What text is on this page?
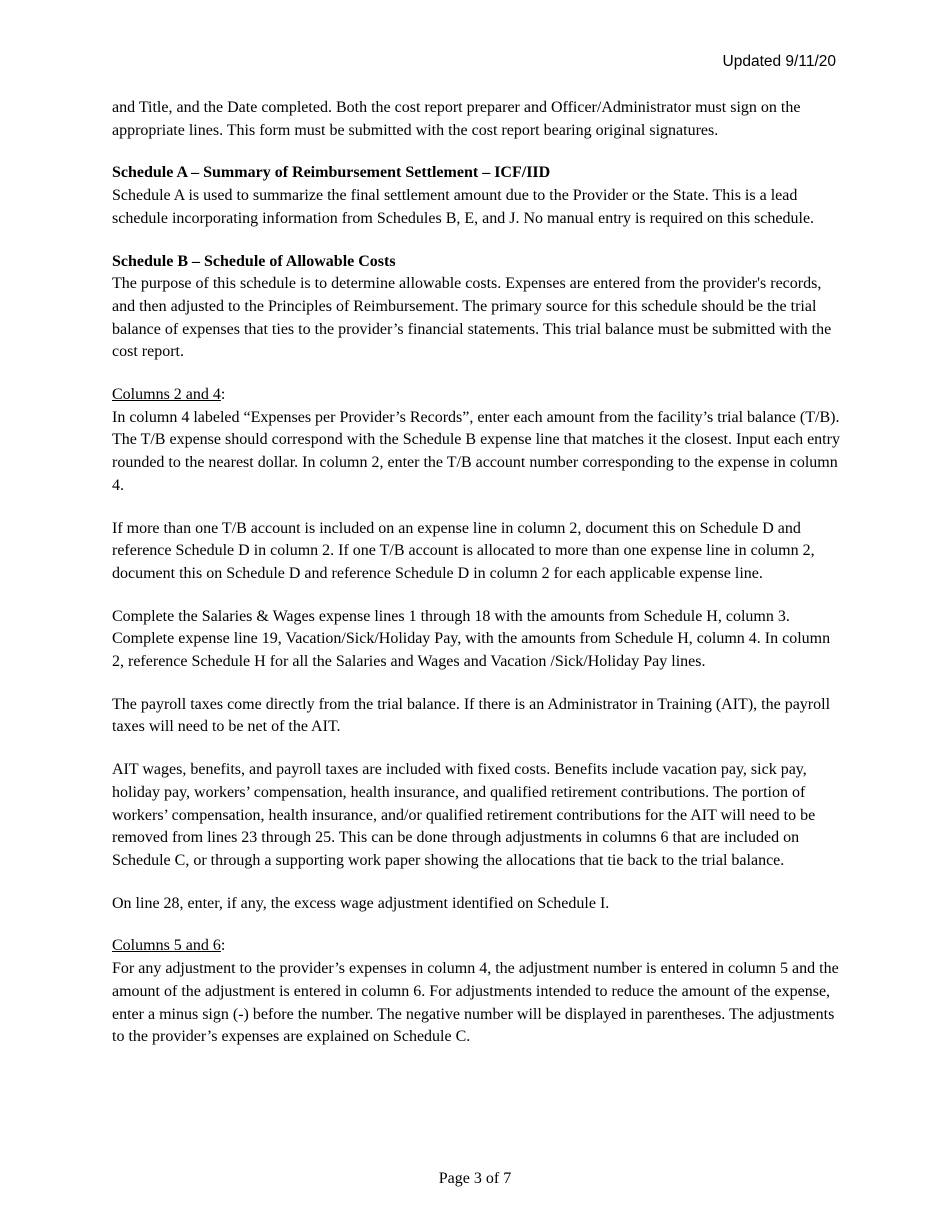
Updated 9/11/20

and Title, and the Date completed. Both the cost report preparer and Officer/Administrator must sign on the appropriate lines. This form must be submitted with the cost report bearing original signatures.

Schedule A – Summary of Reimbursement Settlement – ICF/IID

Schedule A is used to summarize the final settlement amount due to the Provider or the State. This is a lead schedule incorporating information from Schedules B, E, and J. No manual entry is required on this schedule.

Schedule B – Schedule of Allowable Costs

The purpose of this schedule is to determine allowable costs. Expenses are entered from the provider's records, and then adjusted to the Principles of Reimbursement. The primary source for this schedule should be the trial balance of expenses that ties to the provider’s financial statements. This trial balance must be submitted with the cost report.

Columns 2 and 4:

In column 4 labeled “Expenses per Provider’s Records”, enter each amount from the facility’s trial balance (T/B). The T/B expense should correspond with the Schedule B expense line that matches it the closest. Input each entry rounded to the nearest dollar. In column 2, enter the T/B account number corresponding to the expense in column 4.

If more than one T/B account is included on an expense line in column 2, document this on Schedule D and reference Schedule D in column 2. If one T/B account is allocated to more than one expense line in column 2, document this on Schedule D and reference Schedule D in column 2 for each applicable expense line.

Complete the Salaries & Wages expense lines 1 through 18 with the amounts from Schedule H, column 3. Complete expense line 19, Vacation/Sick/Holiday Pay, with the amounts from Schedule H, column 4. In column 2, reference Schedule H for all the Salaries and Wages and Vacation /Sick/Holiday Pay lines.

The payroll taxes come directly from the trial balance. If there is an Administrator in Training (AIT), the payroll taxes will need to be net of the AIT.

AIT wages, benefits, and payroll taxes are included with fixed costs. Benefits include vacation pay, sick pay, holiday pay, workers’ compensation, health insurance, and qualified retirement contributions. The portion of workers’ compensation, health insurance, and/or qualified retirement contributions for the AIT will need to be removed from lines 23 through 25. This can be done through adjustments in columns 6 that are included on Schedule C, or through a supporting work paper showing the allocations that tie back to the trial balance.

On line 28, enter, if any, the excess wage adjustment identified on Schedule I.

Columns 5 and 6:

For any adjustment to the provider’s expenses in column 4, the adjustment number is entered in column 5 and the amount of the adjustment is entered in column 6. For adjustments intended to reduce the amount of the expense, enter a minus sign (-) before the number. The negative number will be displayed in parentheses. The adjustments to the provider’s expenses are explained on Schedule C.

Page 3 of 7
